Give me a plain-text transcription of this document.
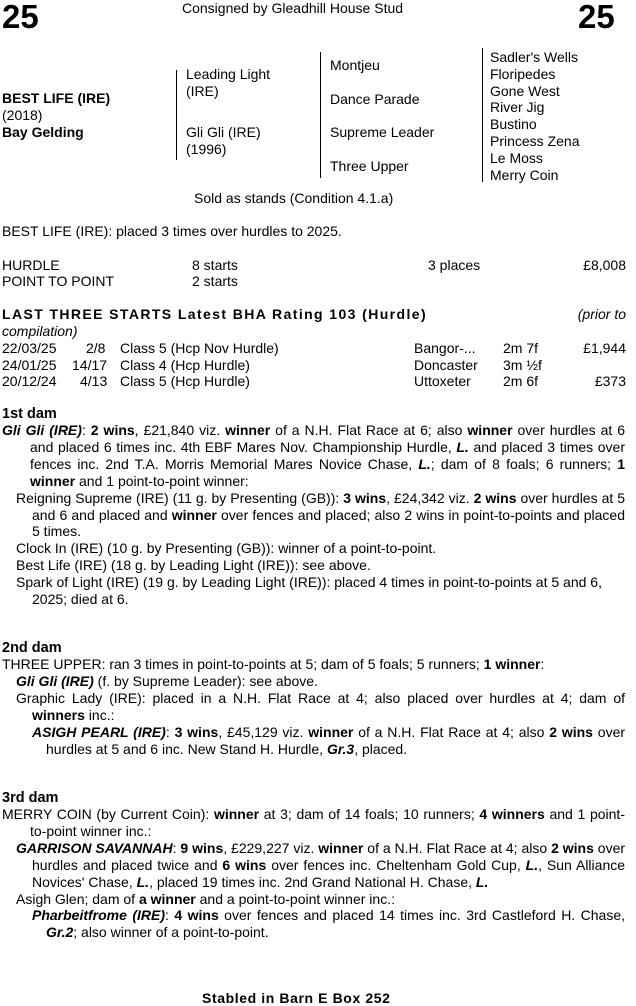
25	Consigned by Gleadhill House Stud	25
BEST LIFE (IRE)
(2018)
Bay Gelding
Leading Light
(IRE)
Gli Gli (IRE)
(1996)
Montjeu
Dance Parade
Supreme Leader
Three Upper
Sadler's Wells
Floripedes
Gone West
River Jig
Bustino
Princess Zena
Le Moss
Merry Coin
Sold as stands (Condition 4.1.a)
BEST LIFE (IRE): placed 3 times over hurdles to 2025.
HURDLE	8 starts	3 places	£8,008
POINT TO POINT	2 starts
LAST THREE STARTS Latest BHA Rating 103 (Hurdle)	(prior to
compilation)
22/03/25 2/8 Class 5 (Hcp Nov Hurdle)	Bangor-... 2m 7f	£1,944
24/01/25 14/17 Class 4 (Hcp Hurdle)	Doncaster 3m ½f
20/12/24 4/13 Class 5 (Hcp Hurdle)	Uttoxeter 2m 6f	£373
1st dam

Gli Gli (IRE): 2 wins, £21,840 viz. winner of a N.H. Flat Race at 6; also winner over hurdles at 6 and placed 6 times inc. 4th EBF Mares Nov. Championship Hurdle, L. and placed 3 times over fences inc. 2nd T.A. Morris Memorial Mares Novice Chase, L.; dam of 8 foals; 6 runners; 1 winner and 1 point-to-point winner:

Reigning Supreme (IRE) (11 g. by Presenting (GB)): 3 wins, £24,342 viz. 2 wins over hurdles at 5 and 6 and placed and winner over fences and placed; also 2 wins in point-to-points and placed 5 times.

Clock In (IRE) (10 g. by Presenting (GB)): winner of a point-to-point.

Best Life (IRE) (18 g. by Leading Light (IRE)): see above.

Spark of Light (IRE) (19 g. by Leading Light (IRE)): placed 4 times in point-to-points at 5 and 6, 2025; died at 6.

2nd dam

THREE UPPER: ran 3 times in point-to-points at 5; dam of 5 foals; 5 runners; 1 winner:

Gli Gli (IRE) (f. by Supreme Leader): see above.

Graphic Lady (IRE): placed in a N.H. Flat Race at 4; also placed over hurdles at 4; dam of winners inc.:

ASIGH PEARL (IRE): 3 wins, £45,129 viz. winner of a N.H. Flat Race at 4; also 2 wins over hurdles at 5 and 6 inc. New Stand H. Hurdle, Gr.3, placed.

3rd dam

MERRY COIN (by Current Coin): winner at 3; dam of 14 foals; 10 runners; 4 winners and 1 point-to-point winner inc.:

GARRISON SAVANNAH: 9 wins, £229,227 viz. winner of a N.H. Flat Race at 4; also 2 wins over hurdles and placed twice and 6 wins over fences inc. Cheltenham Gold Cup, L., Sun Alliance Novices' Chase, L., placed 19 times inc. 2nd Grand National H. Chase, L.

Asigh Glen; dam of a winner and a point-to-point winner inc.:

Pharbeitfrome (IRE): 4 wins over fences and placed 14 times inc. 3rd Castleford H. Chase, Gr.2; also winner of a point-to-point.

Stabled in Barn E Box 252
